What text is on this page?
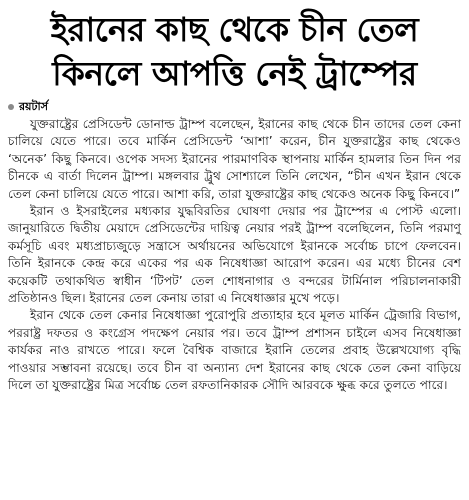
ইরানের কাছ থেকে চীন তেল
কিনলে আপত্তি নেই ট্রাম্পের
রয়টার্স

যুক্তরাষ্ট্রের প্রেসিডেন্ট ডোনাল্ড ট্রাম্প বলেছেন, ইরানের কাছ থেকে চীন তাদের তেল কেনা চালিয়ে যেতে পারে। তবে মার্কিন প্রেসিডেন্ট ‘আশা’ করেন, চীন যুক্তরাষ্ট্রের কাছ থেকেও ‘অনেক’ কিছু কিনবে। ওপেক সদস্য ইরানের পারমাণবিক স্থাপনায় মার্কিন হামলার তিন দিন পর চীনকে এ বার্তা দিলেন ট্রাম্প। মঙ্গলবার ট্রুথ সোশ্যালে তিনি লেখেন, “চীন এখন ইরান থেকে তেল কেনা চালিয়ে যেতে পারে। আশা করি, তারা যুক্তরাষ্ট্রের কাছ থেকেও অনেক কিছু কিনবে।”

ইরান ও ইসরাইলের মধ্যকার যুদ্ধবিরতির ঘোষণা দেয়ার পর ট্রাম্পের এ পোস্ট এলো। জানুয়ারিতে দ্বিতীয় মেয়াদে প্রেসিডেন্টের দায়িত্ব নেয়ার পরই ট্রাম্প বলেছিলেন, তিনি পরমাণু কর্মসূচি এবং মধ্যপ্রাচ্যজুড়ে সন্ত্রাসে অর্থায়নের অভিযোগে ইরানকে সর্বোচ্চ চাপে ফেলবেন। তিনি ইরানকে কেন্দ্র করে একের পর এক নিষেধাজ্ঞা আরোপ করেন। এর মধ্যে চীনের বেশ কয়েকটি তথাকথিত স্বাধীন ‘টিপট’ তেল শোধনাগার ও বন্দরের টার্মিনাল পরিচালনাকারী প্রতিষ্ঠানও ছিল। ইরানের তেল কেনায় তারা এ নিষেধাজ্ঞার মুখে পড়ে।

ইরান থেকে তেল কেনার নিষেধাজ্ঞা পুরোপুরি প্রত্যাহার হবে মূলত মার্কিন ট্রেজারি বিভাগ, পররাষ্ট্র দফতর ও কংগ্রেস পদক্ষেপ নেয়ার পর। তবে ট্রাম্প প্রশাসন চাইলে এসব নিষেধাজ্ঞা কার্যকর নাও রাখতে পারে। ফলে বৈশ্বিক বাজারে ইরানি তেলের প্রবাহ উল্লেখযোগ্য বৃদ্ধি পাওয়ার সম্ভাবনা রয়েছে। তবে চীন বা অন্যান্য দেশ ইরানের কাছ থেকে তেল কেনা বাড়িয়ে দিলে তা যুক্তরাষ্ট্রের মিত্র সর্বোচ্চ তেল রফতানিকারক সৌদি আরবকে ক্ষুব্ধ করে তুলতে পারে।
